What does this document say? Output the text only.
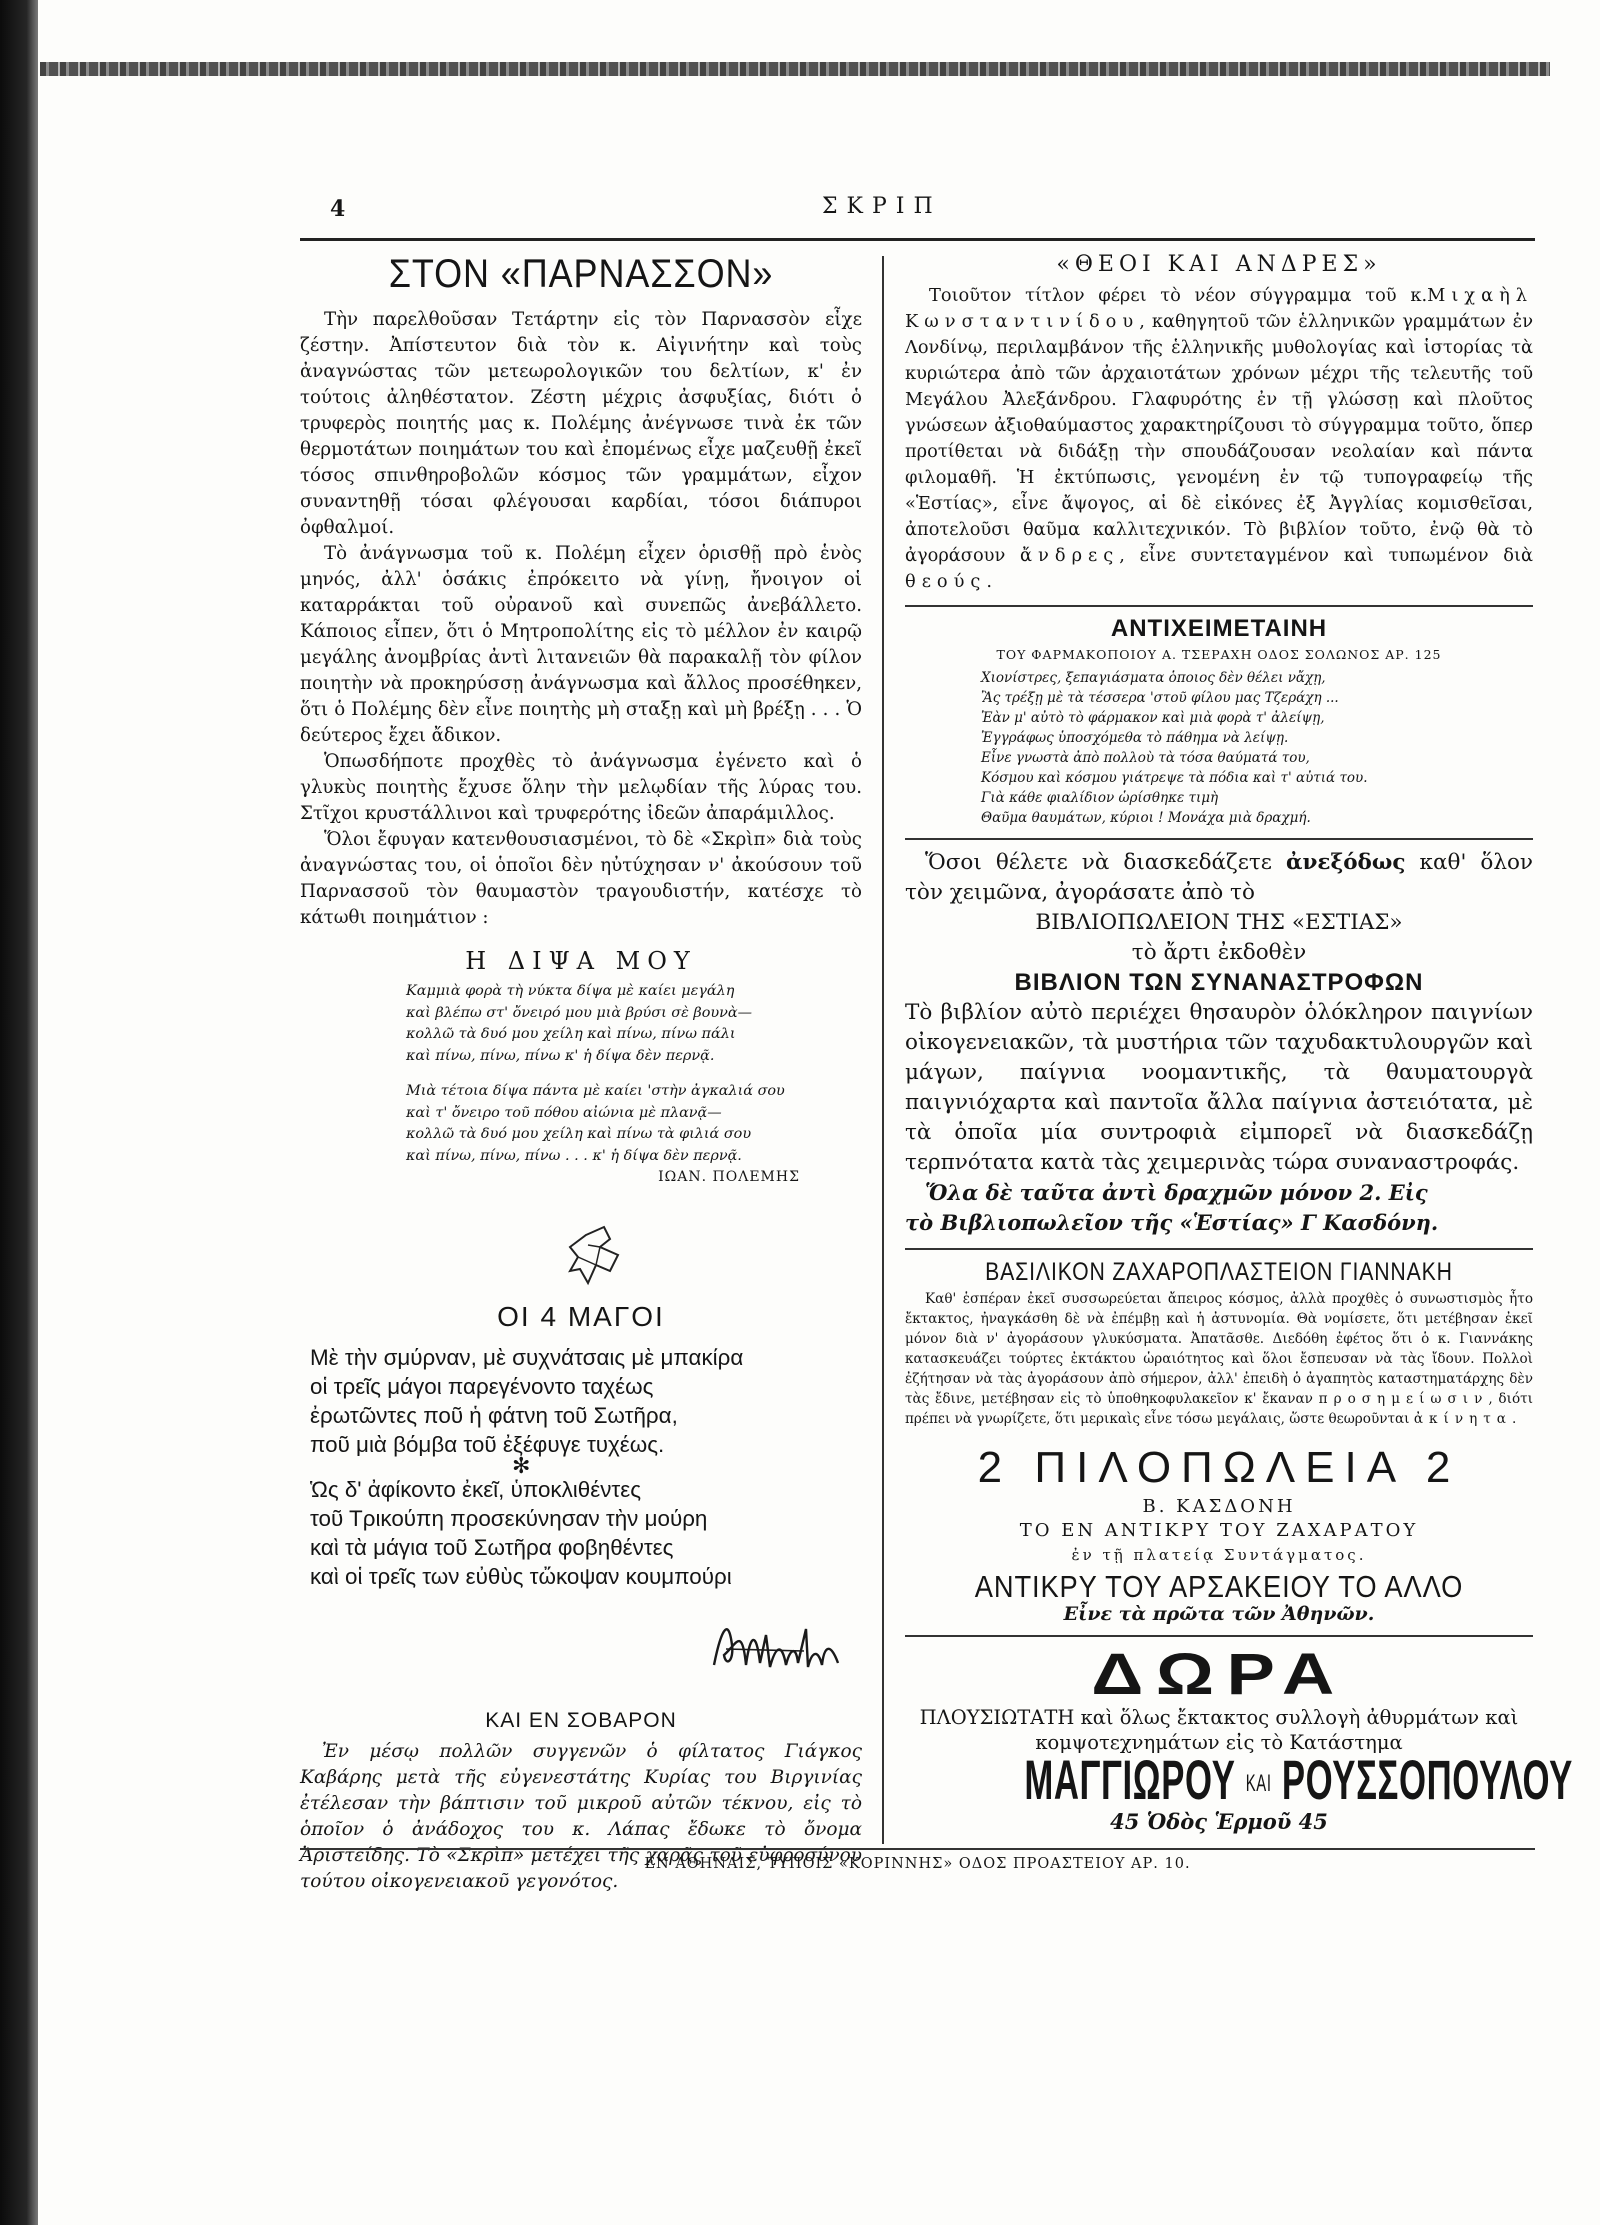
4	ΣΚΡΙΠ
ΣΤΟΝ «ΠΑΡΝΑΣΣΟΝ»
Τὴν παρελθοῦσαν Τετάρτην εἰς τὸν Παρνασσὸν εἶχε ζέστην. Ἀπίστευτον διὰ τὸν κ. Αἰγινήτην καὶ τοὺς ἀναγνώστας τῶν μετεωρολογικῶν του δελτίων, κ' ἐν τούτοις ἀληθέστατον. Ζέστη μέχρις ἀσφυξίας, διότι ὁ τρυφερὸς ποιητής μας κ. Πολέμης ἀνέγνωσε τινὰ ἐκ τῶν θερμοτάτων ποιημάτων του καὶ ἐπομένως εἶχε μαζευθῇ ἐκεῖ τόσος σπινθηροβολῶν κόσμος τῶν γραμμάτων, εἶχον συναντηθῇ τόσαι φλέγουσαι καρδίαι, τόσοι διάπυροι ὀφθαλμοί.
Τὸ ἀνάγνωσμα τοῦ κ. Πολέμη εἶχεν ὁρισθῇ πρὸ ἑνὸς μηνός, ἀλλ' ὁσάκις ἐπρόκειτο νὰ γίνῃ, ἤνοιγον οἱ καταρράκται τοῦ οὐρανοῦ καὶ συνεπῶς ἀνεβάλλετο. Κάποιος εἶπεν, ὅτι ὁ Μητροπολίτης εἰς τὸ μέλλον ἐν καιρῷ μεγάλης ἀνομβρίας ἀντὶ λιτανειῶν θὰ παρακαλῇ τὸν φίλον ποιητὴν νὰ προκηρύσσῃ ἀνάγνωσμα καὶ ἄλλος προσέθηκεν, ὅτι ὁ Πολέμης δὲν εἶνε ποιητὴς μὴ σταξῃ καὶ μὴ βρέξῃ . . . Ὁ δεύτερος ἔχει ἄδικον.
Ὁπωσδήποτε προχθὲς τὸ ἀνάγνωσμα ἐγένετο καὶ ὁ γλυκὺς ποιητὴς ἔχυσε ὅλην τὴν μελῳδίαν τῆς λύρας του. Στῖχοι κρυστάλλινοι καὶ τρυφερότης ἰδεῶν ἀπαράμιλλος.
Ὅλοι ἔφυγαν κατενθουσιασμένοι, τὸ δὲ «Σκρὶπ» διὰ τοὺς ἀναγνώστας του, οἱ ὁποῖοι δὲν ηὐτύχησαν ν' ἀκούσουν τοῦ Παρνασσοῦ τὸν θαυμαστὸν τραγουδιστήν, κατέσχε τὸ κάτωθι ποιημάτιον :
Η ΔΙΨΑ ΜΟΥ
Καμμιὰ φορὰ τὴ νύκτα δίψα μὲ καίει μεγάλη
καὶ βλέπω στ' ὄνειρό μου μιὰ βρύσι σὲ βουνὰ—
κολλῶ τὰ δυό μου χείλη καὶ πίνω, πίνω πάλι
καὶ πίνω, πίνω, πίνω κ' ἡ δίψα δὲν περνᾷ.
Μιὰ τέτοια δίψα πάντα μὲ καίει 'στὴν ἀγκαλιά σου
καὶ τ' ὄνειρο τοῦ πόθου αἰώνια μὲ πλανᾷ—
κολλῶ τὰ δυό μου χείλη καὶ πίνω τὰ φιλιά σου
καὶ πίνω, πίνω, πίνω . . . κ' ἡ δίψα δὲν περνᾷ.
ΙΩΑΝ. ΠΟΛΕΜΗΣ
ΟΙ 4 ΜΑΓΟΙ
Μὲ τὴν σμύρναν, μὲ συχνάτσαις μὲ μπακίρα
οἱ τρεῖς μάγοι παρεγένοντο ταχέως
ἐρωτῶντες ποῦ ἡ φάτνη τοῦ Σωτῆρα,
ποῦ μιὰ βόμβα τοῦ ἐξέφυγε τυχέως.
✻
Ὡς δ' ἀφίκοντο ἐκεῖ, ὑποκλιθέντες
τοῦ Τρικούπη προσεκύνησαν τὴν μούρη
καὶ τὰ μάγια τοῦ Σωτῆρα φοβηθέντες
καὶ οἱ τρεῖς των εὐθὺς τὤκοψαν κουμπούρι
ΚΑΙ ΕΝ ΣΟΒΑΡΟΝ
Ἐν μέσῳ πολλῶν συγγενῶν ὁ φίλτατος Γιάγκος Καβάρης μετὰ τῆς εὐγενεστάτης Κυρίας του Βιργινίας ἐτέλεσαν τὴν βάπτισιν τοῦ μικροῦ αὐτῶν τέκνου, εἰς τὸ ὁποῖον ὁ ἀνάδοχος του κ. Λάπας ἔδωκε τὸ ὄνομα Ἀριστείδης. Τὸ «Σκρὶπ» μετέχει τῆς χαρᾶς τοῦ εὐφροσύνου τούτου οἰκογενειακοῦ γεγονότος.
«ΘΕΟΙ ΚΑΙ ΑΝΔΡΕΣ»
Τοιοῦτον τίτλον φέρει τὸ νέον σύγγραμμα τοῦ κ.Μιχαὴλ Κωνσταντινίδου, καθηγητοῦ τῶν ἑλληνικῶν γραμμάτων ἐν Λονδίνῳ, περιλαμβάνον τῆς ἑλληνικῆς μυθολογίας καὶ ἱστορίας τὰ κυριώτερα ἀπὸ τῶν ἀρχαιοτάτων χρόνων μέχρι τῆς τελευτῆς τοῦ Μεγάλου Ἀλεξάνδρου. Γλαφυρότης ἐν τῇ γλώσσῃ καὶ πλοῦτος γνώσεων ἀξιοθαύμαστος χαρακτηρίζουσι τὸ σύγγραμμα τοῦτο, ὅπερ προτίθεται νὰ διδάξῃ τὴν σπουδάζουσαν νεολαίαν καὶ πάντα φιλομαθῆ. Ἡ ἐκτύπωσις, γενομένη ἐν τῷ τυπογραφείῳ τῆς «Ἑστίας», εἶνε ἄψογος, αἱ δὲ εἰκόνες ἐξ Ἀγγλίας κομισθεῖσαι, ἀποτελοῦσι θαῦμα καλλιτεχνικόν. Τὸ βιβλίον τοῦτο, ἐνῷ θὰ τὸ ἀγοράσουν ἄνδρες, εἶνε συντεταγμένον καὶ τυπωμένον διὰ θεούς.
ΑΝΤΙΧΕΙΜΕΤΑΙΝΗ
ΤΟΥ ΦΑΡΜΑΚΟΠΟΙΟΥ Α. ΤΣΕΡΑΧΗ ΟΔΟΣ ΣΟΛΩΝΟΣ ΑΡ. 125
Χιονίστρες, ξεπαγιάσματα ὁποιος δὲν θέλει νἄχῃ,
Ἂς τρέξῃ μὲ τὰ τέσσερα 'στοῦ φίλου μας Τζεράχη ...
Ἐὰν μ' αὐτὸ τὸ φάρμακον καὶ μιὰ φορὰ τ' ἀλείψῃ,
Ἐγγράφως ὑποσχόμεθα τὸ πάθημα νὰ λείψῃ.
Εἶνε γνωστὰ ἀπὸ πολλοὺ τὰ τόσα θαύματά του,
Κόσμου καὶ κόσμου γιάτρεψε τὰ πόδια καὶ τ' αὐτιά του.
Γιὰ κάθε φιαλίδιον ὡρίσθηκε τιμὴ
Θαῦμα θαυμάτων, κύριοι ! Μονάχα μιὰ δραχμή.
Ὅσοι θέλετε νὰ διασκεδάζετε ἀνεξόδως καθ' ὅλον τὸν χειμῶνα, ἀγοράσατε ἀπὸ τὸ
ΒΙΒΛΙΟΠΩΛΕΙΟΝ ΤΗΣ «ΕΣΤΙΑΣ»
τὸ ἄρτι ἐκδοθὲν
ΒΙΒΛΙΟΝ ΤΩΝ ΣΥΝΑΝΑΣΤΡΟΦΩΝ
Τὸ βιβλίον αὐτὸ περιέχει θησαυρὸν ὁλόκληρον παιγνίων οἰκογενειακῶν, τὰ μυστήρια τῶν ταχυδακτυλουργῶν καὶ μάγων, παίγνια νοομαντικῆς, τὰ θαυματουργὰ παιγνιόχαρτα καὶ παντοῖα ἄλλα παίγνια ἀστειότατα, μὲ τὰ ὁποῖα μία συντροφιὰ εἰμπορεῖ νὰ διασκεδάζῃ τερπνότατα κατὰ τὰς χειμερινὰς τώρα συναναστροφάς.
Ὅλα δὲ ταῦτα ἀντὶ δραχμῶν μόνον 2. Εἰς
τὸ Βιβλιοπωλεῖον τῆς «Ἑστίας» Γ Κασδόνη.
ΒΑΣΙΛΙΚΟΝ ΖΑΧΑΡΟΠΛΑΣΤΕΙΟΝ ΓΙΑΝΝΑΚΗ
Καθ' ἑσπέραν ἐκεῖ συσσωρεύεται ἄπειρος κόσμος, ἀλλὰ προχθὲς ὁ συνωστισμὸς ἦτο ἔκτακτος, ἠναγκάσθη δὲ νὰ ἐπέμβῃ καὶ ἡ ἀστυνομία. Θὰ νομίσετε, ὅτι μετέβησαν ἐκεῖ μόνον διὰ ν' ἀγοράσουν γλυκύσματα. Ἀπατᾶσθε. Διεδόθη ἐφέτος ὅτι ὁ κ. Γιαννάκης κατασκευάζει τούρτες ἐκτάκτου ὡραιότητος καὶ ὅλοι ἔσπευσαν νὰ τὰς ἴδουν. Πολλοὶ ἐζήτησαν νὰ τὰς ἀγοράσουν ἀπὸ σήμερον, ἀλλ' ἐπειδὴ ὁ ἀγαπητὸς καταστηματάρχης δὲν τὰς ἔδινε, μετέβησαν εἰς τὸ ὑποθηκοφυλακεῖον κ' ἔκαναν προσημείωσιν, διότι πρέπει νὰ γνωρίζετε, ὅτι μερικαὶς εἶνε τόσω μεγάλαις, ὥστε θεωροῦνται ἀκίνητα.
2 ΠΙΛΟΠΩΛΕΙΑ 2
Β. ΚΑΣΔΟΝΗ
ΤΟ ΕΝ ΑΝΤΙΚΡΥ ΤΟΥ ΖΑΧΑΡΑΤΟΥ
ἐν τῇ πλατείᾳ Συντάγματος.
ΑΝΤΙΚΡΥ ΤΟΥ ΑΡΣΑΚΕΙΟΥ ΤΟ ΑΛΛΟ
Εἶνε τὰ πρῶτα τῶν Ἀθηνῶν.
ΔΩΡΑ
ΠΛΟΥΣΙΩΤΑΤΗ καὶ ὅλως ἔκτακτος συλλογὴ ἀθυρμάτων καὶ κομψοτεχνημάτων εἰς τὸ Κατάστημα
ΜΑΓΓΙΩΡΟΥ ΚΑΙ ΡΟΥΣΣΟΠΟΥΛΟΥ
45 Ὁδὸς Ἑρμοῦ 45
ΕΝ ΑΘΗΝΑΙΣ, ΤΥΠΟΙΣ «ΚΟΡΙΝΝΗΣ» ΟΔΟΣ ΠΡΟΑΣΤΕΙΟΥ ΑΡ. 10.
